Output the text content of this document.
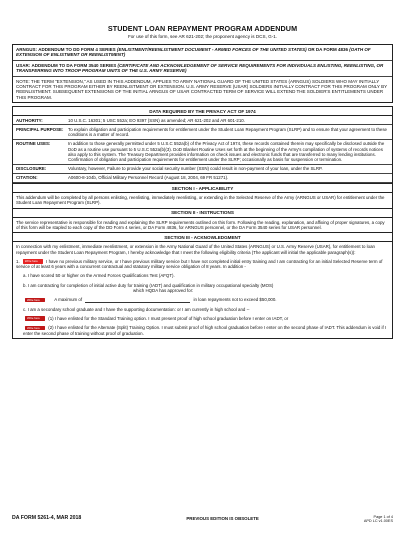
STUDENT LOAN REPAYMENT PROGRAM ADDENDUM
For use of this form, see AR 621-202; the proponent agency is DCS, G-1.
ARNGUS: ADDENDUM TO DD FORM 4 SERIES (ENLISTMENT/REENLISTMENT DOCUMENT - ARMED FORCES OF THE UNITED STATES) OR DA FORM 4836 (OATH OF EXTENSION OF ENLISTMENT OR REENLISTMENT)
USAR: ADDENDUM TO DA FORM 3540 SERIES (CERTIFICATE AND ACKNOWLEDGEMENT OF SERVICE REQUIREMENTS FOR INDIVIDUALS ENLISTING, REENLISTING, OR TRANSFERRING INTO TROOP PROGRAM UNITS OF THE U.S. ARMY RESERVE)
NOTE: THE TERM "EXTENSION," AS USED IN THIS ADDENDUM, APPLIES TO ARMY NATIONAL GUARD OF THE UNITED STATES (ARNGUS) SOLDIERS WHO MAY INITIALLY CONTRACT FOR THIS PROGRAM EITHER BY REENLISTMENT OR EXTENSION. U.S. ARMY RESERVE (USAR) SOLDIERS INITIALLY CONTRACT FOR THIS PROGRAM ONLY BY REENLISTMENT. SUBSEQUENT EXTENSIONS OF THE INITIAL ARNGUS OF USAR CONTRACTED TERM OF SERVICE WILL EXTEND THE SOLDIER'S ENTITLEMENTS UNDER THIS PROGRAM.
DATA REQUIRED BY THE PRIVACY ACT OF 1974
AUTHORITY:	10 U.S.C. 16301; 5 USC 552a; EO 9397 (SSN) as amended; AR 621-202 and AR 601-210.
PRINCIPAL PURPOSE:	To explain obligation and participation requirements for entitlement under the Student Loan Repayment Program (SLRP) and to ensure that your agreement to these conditions is a matter of record.
ROUTINE USES:	In addition to those generally permitted under 5 U.S.C 552a(b) of the Privacy Act of 1974, these records contained therein may specifically be disclosed outside the DoD as a routine use pursuant to 5 U.S.C 552a(b)(3). DoD Blanket Routine Uses set forth at the beginning of the Army's compilation of systems of records notices also apply to this system. The Treasury Department provides information on check issues and electronic funds that are transferred to many lending institutions. Confirmation of obligation and participation requirements for entitlement under the SLRP; occasionally as basis for suspension or termination.
DISCLOSURE:	Voluntary, however, Failure to provide your social security number (SSN) could result in non-payment of your loan, under the SLRP.
CITATION:	A0600-8-104b, Official Military Personnel Record (August 18, 2004, 69 FR 51271).
SECTION I - APPLICABILITY
This addendum will be completed by all persons enlisting, reenlisting, immediately reenlisting, or extending in the Selected Reserve of the Army (ARNGUS or USAR) for entitlement under the Student Loan Repayment Program (SLRP).
SECTION II - INSTRUCTIONS
The service representative is responsible for reading and explaining the SLRP requirements outlined on this form. Following the reading, explanation, and affixing of proper signatures, a copy of this form will be stapled to each copy of the DD Form 4 series, or DA Form 4836, for ARNGUS personnel, or the DA Form 3540 series for USAR personnel.
SECTION III - ACKNOWLEDGMENT
In connection with my enlistment, immediate reenlistment, or extension in the Army National Guard of the United States (ARNGUS) or U.S. Army Reserve (USAR), for entitlement to loan repayment under the Student Loan Repayment Program, I hereby acknowledge that I meet the following eligibility criteria (The applicant will initial the applicable paragraph(s)):
1. Write here I have no previous military service, or I have previous military service but I have not completed initial entry training and I am contracting for an initial Selected Reserve term of service of at least 6 years with a concurrent contractual and statutory military service obligation of 8 years. In addition -
a. I have scored 50 or higher on the Armed Forces Qualifications Test (AFQT).
b. I am contracting for completion of initial active duty for training (IADT) and qualification in military occupational specialty (MOS)
which HQDA has approved for:
Write here	A maximum of	in loan repayments not to exceed $50,000.
c. I am a secondary school graduate and I have the supporting documentation: or I am currently in high school and --
Write here (1) I have enlisted for the Standard Training option. I must present proof of high school graduation before I enter on IADT, or
Write here (2) I have enlisted for the Alternate (Split) Training Option. I must submit proof of high school graduation before I enter on the second phase of IADT. This addendum is void if I enter the second phase of training without proof of graduation.
DA FORM 5261-4, MAR 2018	PREVIOUS EDITION IS OBSOLETE	Page 1 of 4
APD LC v1.00ES
